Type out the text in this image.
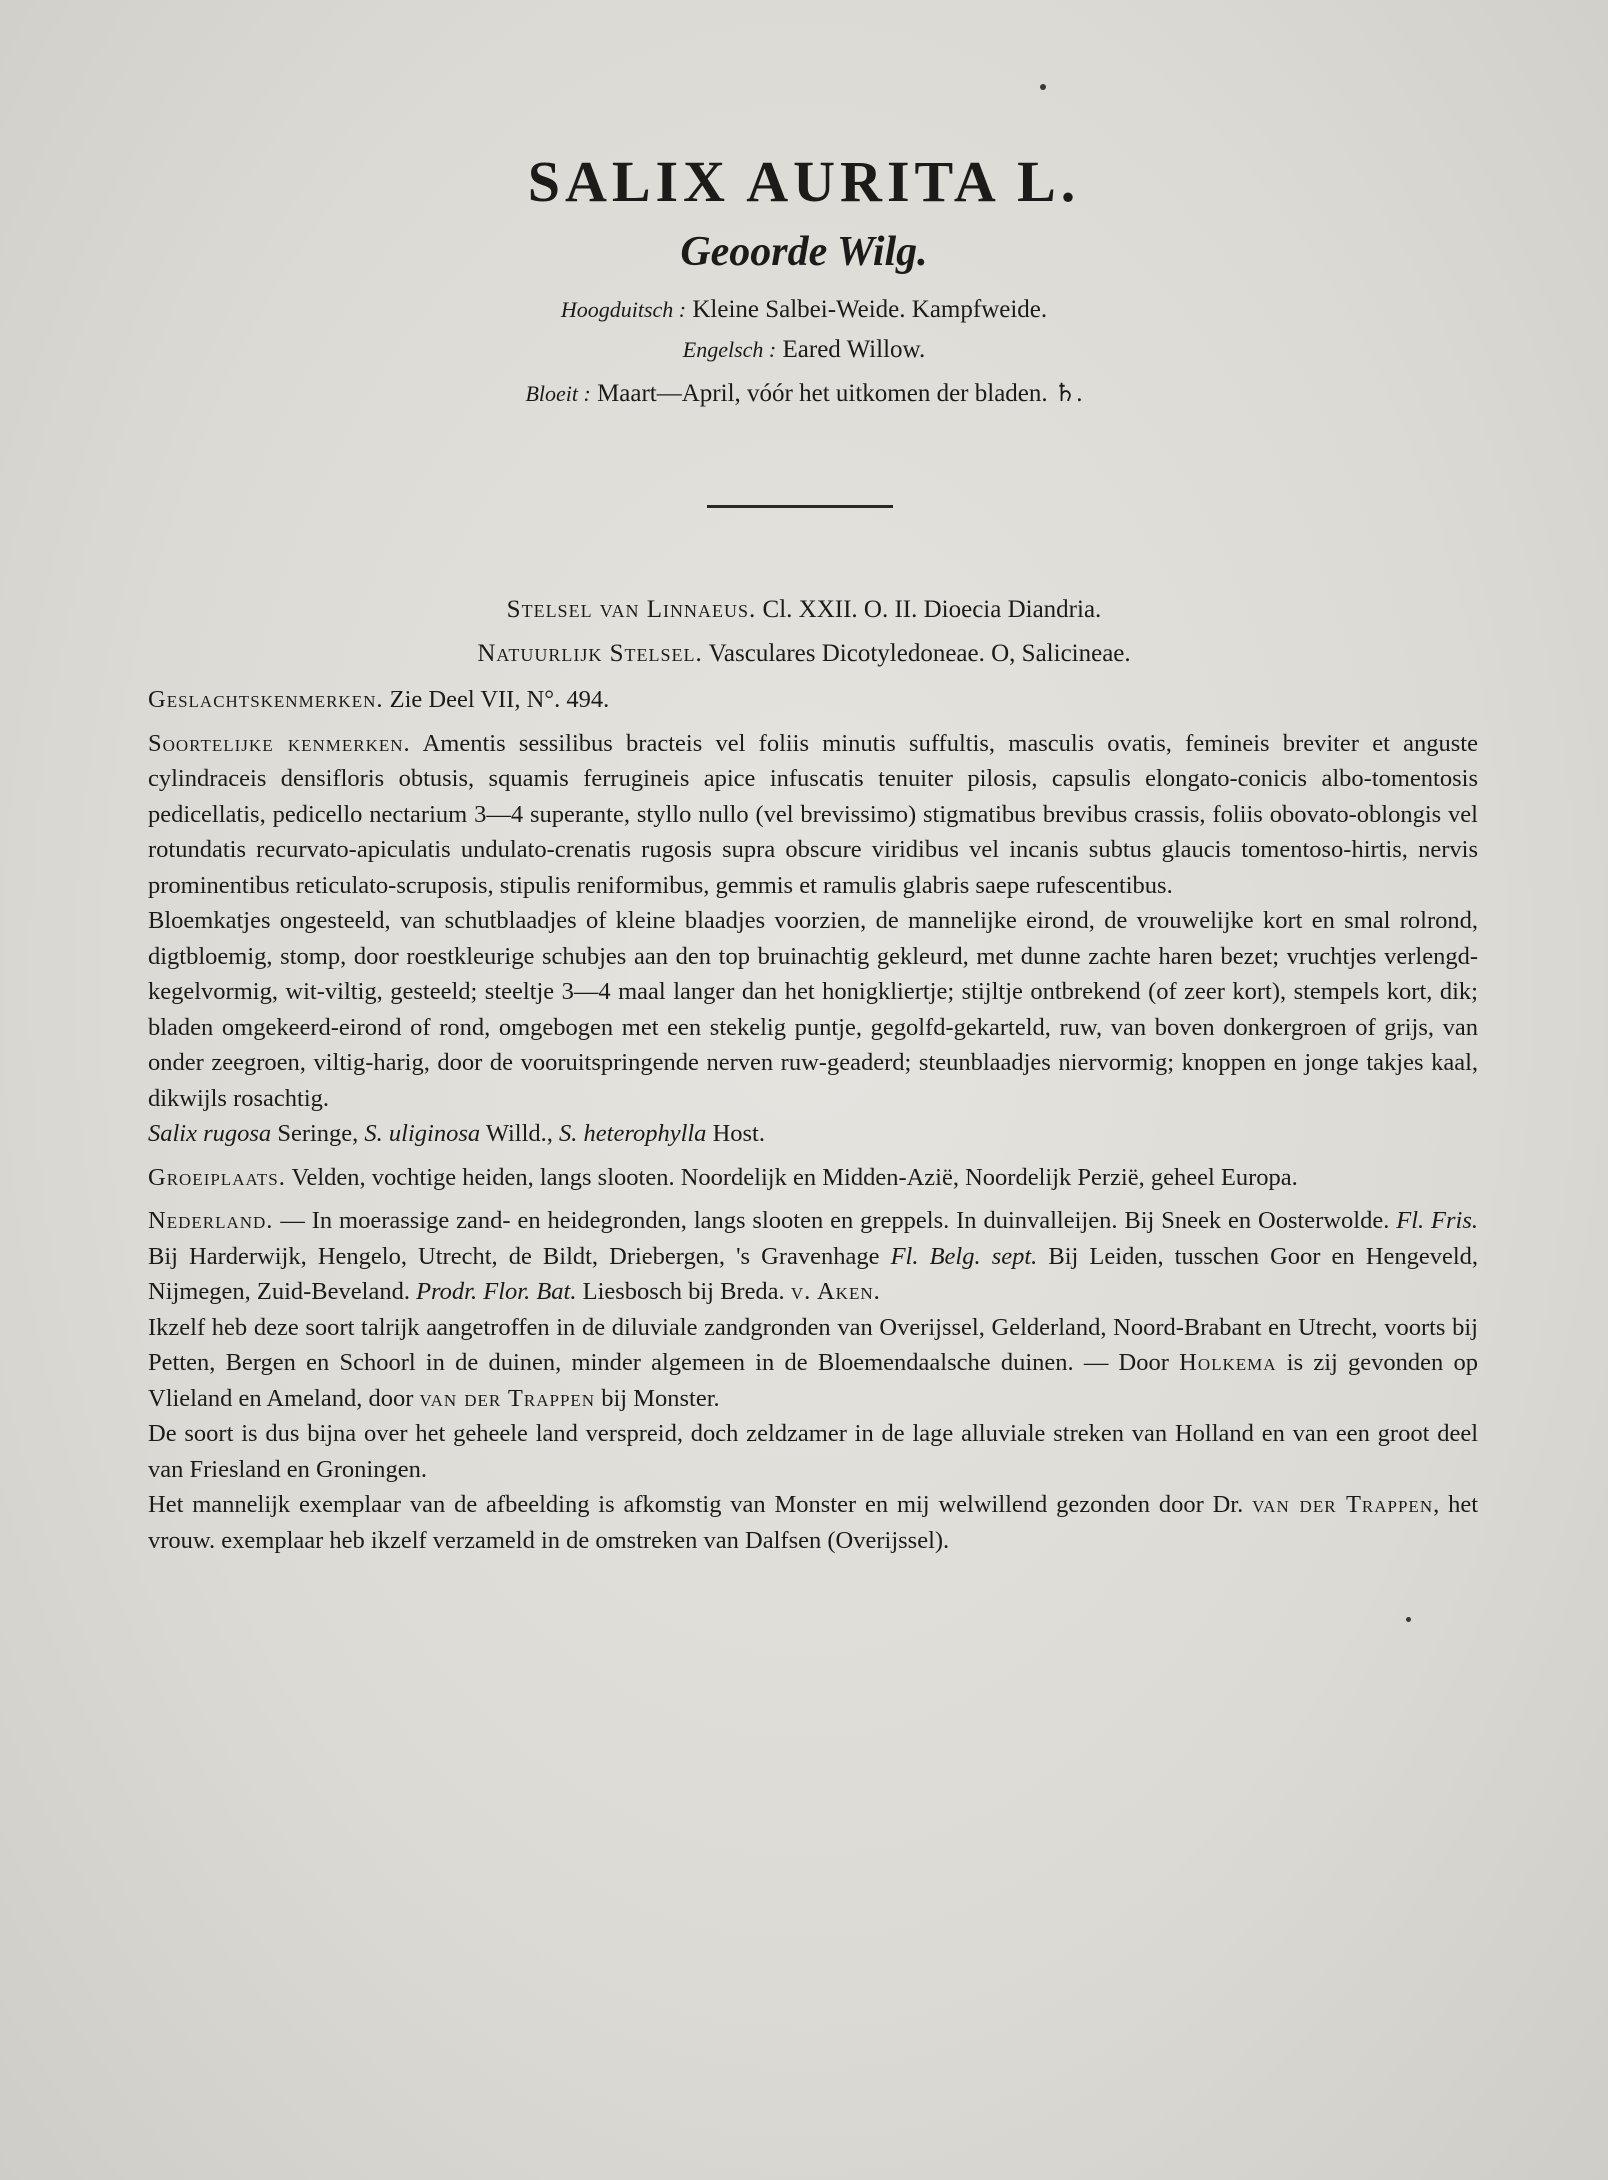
SALIX AURITA L.
Geoorde Wilg.
Hoogduitsch : Kleine Salbei-Weide. Kampfweide.
Engelsch : Eared Willow.
Bloeit : Maart—April, vóór het uitkomen der bladen. ♄.
Stelsel van Linnaeus. Cl. XXII. O. II. Dioecia Diandria.
Natuurlijk Stelsel. Vasculares Dicotyledoneae. O, Salicineae.

Geslachtskenmerken. Zie Deel VII, N°. 494.

Soortelijke kenmerken. Amentis sessilibus bracteis vel foliis minutis suffultis, masculis ovatis, femineis breviter et anguste cylindraceis densifloris obtusis, squamis ferrugineis apice infuscatis tenuiter pilosis, capsulis elongato-conicis albo-tomentosis pedicellatis, pedicello nectarium 3—4 superante, styllo nullo (vel brevissimo) stigmatibus brevibus crassis, foliis obovato-oblongis vel rotundatis recurvato-apiculatis undulato-crenatis rugosis supra obscure viridibus vel incanis subtus glaucis tomentoso-hirtis, nervis prominentibus reticulato-scruposis, stipulis reniformibus, gemmis et ramulis glabris saepe rufescentibus.

Bloemkatjes ongesteeld, van schutblaadjes of kleine blaadjes voorzien, de mannelijke eirond, de vrouwelijke kort en smal rolrond, digtbloemig, stomp, door roestkleurige schubjes aan den top bruinachtig gekleurd, met dunne zachte haren bezet; vruchtjes verlengd-kegelvormig, wit-viltig, gesteeld; steeltje 3—4 maal langer dan het honigkliertje; stijltje ontbrekend (of zeer kort), stempels kort, dik; bladen omgekeerd-eirond of rond, omgebogen met een stekelig puntje, gegolfd-gekarteld, ruw, van boven donkergroen of grijs, van onder zeegroen, viltig-harig, door de vooruitspringende nerven ruw-geaderd; steunblaadjes niervormig; knoppen en jonge takjes kaal, dikwijls rosachtig.

Salix rugosa Seringe, S. uliginosa Willd., S. heterophylla Host.

Groeiplaats. Velden, vochtige heiden, langs slooten. Noordelijk en Midden-Azië, Noordelijk Perzië, geheel Europa.

Nederland. — In moerassige zand- en heidegronden, langs slooten en greppels. In duinvalleijen. Bij Sneek en Oosterwolde. Fl. Fris. Bij Harderwijk, Hengelo, Utrecht, de Bildt, Driebergen, 's Gravenhage Fl. Belg. sept. Bij Leiden, tusschen Goor en Hengeveld, Nijmegen, Zuid-Beveland. Prodr. Flor. Bat. Liesbosch bij Breda. v. Aken.

Ikzelf heb deze soort talrijk aangetroffen in de diluviale zandgronden van Overijssel, Gelderland, Noord-Brabant en Utrecht, voorts bij Petten, Bergen en Schoorl in de duinen, minder algemeen in de Bloemendaalsche duinen. — Door Holkema is zij gevonden op Vlieland en Ameland, door van der Trappen bij Monster.

De soort is dus bijna over het geheele land verspreid, doch zeldzamer in de lage alluviale streken van Holland en van een groot deel van Friesland en Groningen.

Het mannelijk exemplaar van de afbeelding is afkomstig van Monster en mij welwillend gezonden door Dr. van der Trappen, het vrouw. exemplaar heb ikzelf verzameld in de omstreken van Dalfsen (Overijssel).
